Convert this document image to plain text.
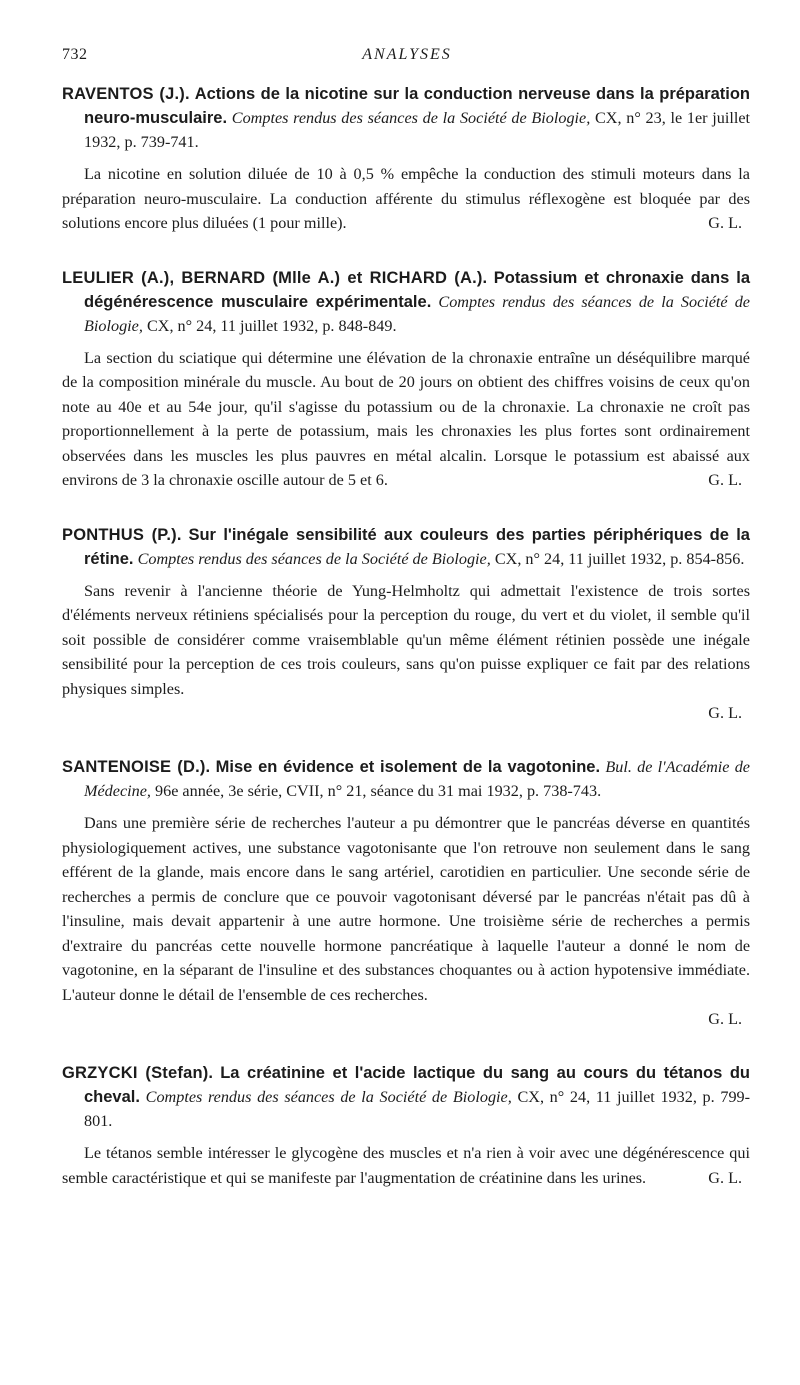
732	ANALYSES

RAVENTOS (J.). Actions de la nicotine sur la conduction nerveuse dans la préparation neuro-musculaire. Comptes rendus des séances de la Société de Biologie, CX, n° 23, le 1er juillet 1932, p. 739-741.

La nicotine en solution diluée de 10 à 0,5 % empêche la conduction des stimuli moteurs dans la préparation neuro-musculaire. La conduction afférente du stimulus réflexogène est bloquée par des solutions encore plus diluées (1 pour mille).	G. L.

LEULIER (A.), BERNARD (Mlle A.) et RICHARD (A.). Potassium et chronaxie dans la dégénérescence musculaire expérimentale. Comptes rendus des séances de la Société de Biologie, CX, n° 24, 11 juillet 1932, p. 848-849.

La section du sciatique qui détermine une élévation de la chronaxie entraîne un déséquilibre marqué de la composition minérale du muscle. Au bout de 20 jours on obtient des chiffres voisins de ceux qu'on note au 40e et au 54e jour, qu'il s'agisse du potassium ou de la chronaxie. La chronaxie ne croît pas proportionnellement à la perte de potassium, mais les chronaxies les plus fortes sont ordinairement observées dans les muscles les plus pauvres en métal alcalin. Lorsque le potassium est abaissé aux environs de 3 la chronaxie oscille autour de 5 et 6.	G. L.

PONTHUS (P.). Sur l'inégale sensibilité aux couleurs des parties périphériques de la rétine. Comptes rendus des séances de la Société de Biologie, CX, n° 24, 11 juillet 1932, p. 854-856.

Sans revenir à l'ancienne théorie de Yung-Helmholtz qui admettait l'existence de trois sortes d'éléments nerveux rétiniens spécialisés pour la perception du rouge, du vert et du violet, il semble qu'il soit possible de considérer comme vraisemblable qu'un même élément rétinien possède une inégale sensibilité pour la perception de ces trois couleurs, sans qu'on puisse expliquer ce fait par des relations physiques simples.

G. L.

SANTENOISE (D.). Mise en évidence et isolement de la vagotonine. Bul. de l'Académie de Médecine, 96e année, 3e série, CVII, n° 21, séance du 31 mai 1932, p. 738-743.

Dans une première série de recherches l'auteur a pu démontrer que le pancréas déverse en quantités physiologiquement actives, une substance vagotonisante que l'on retrouve non seulement dans le sang efférent de la glande, mais encore dans le sang artériel, carotidien en particulier. Une seconde série de recherches a permis de conclure que ce pouvoir vagotonisant déversé par le pancréas n'était pas dû à l'insuline, mais devait appartenir à une autre hormone. Une troisième série de recherches a permis d'extraire du pancréas cette nouvelle hormone pancréatique à laquelle l'auteur a donné le nom de vagotonine, en la séparant de l'insuline et des substances choquantes ou à action hypotensive immédiate. L'auteur donne le détail de l'ensemble de ces recherches.

G. L.

GRZYCKI (Stefan). La créatinine et l'acide lactique du sang au cours du tétanos du cheval. Comptes rendus des séances de la Société de Biologie, CX, n° 24, 11 juillet 1932, p. 799-801.

Le tétanos semble intéresser le glycogène des muscles et n'a rien à voir avec une dégénérescence qui semble caractéristique et qui se manifeste par l'augmentation de créatinine dans les urines.	G. L.
